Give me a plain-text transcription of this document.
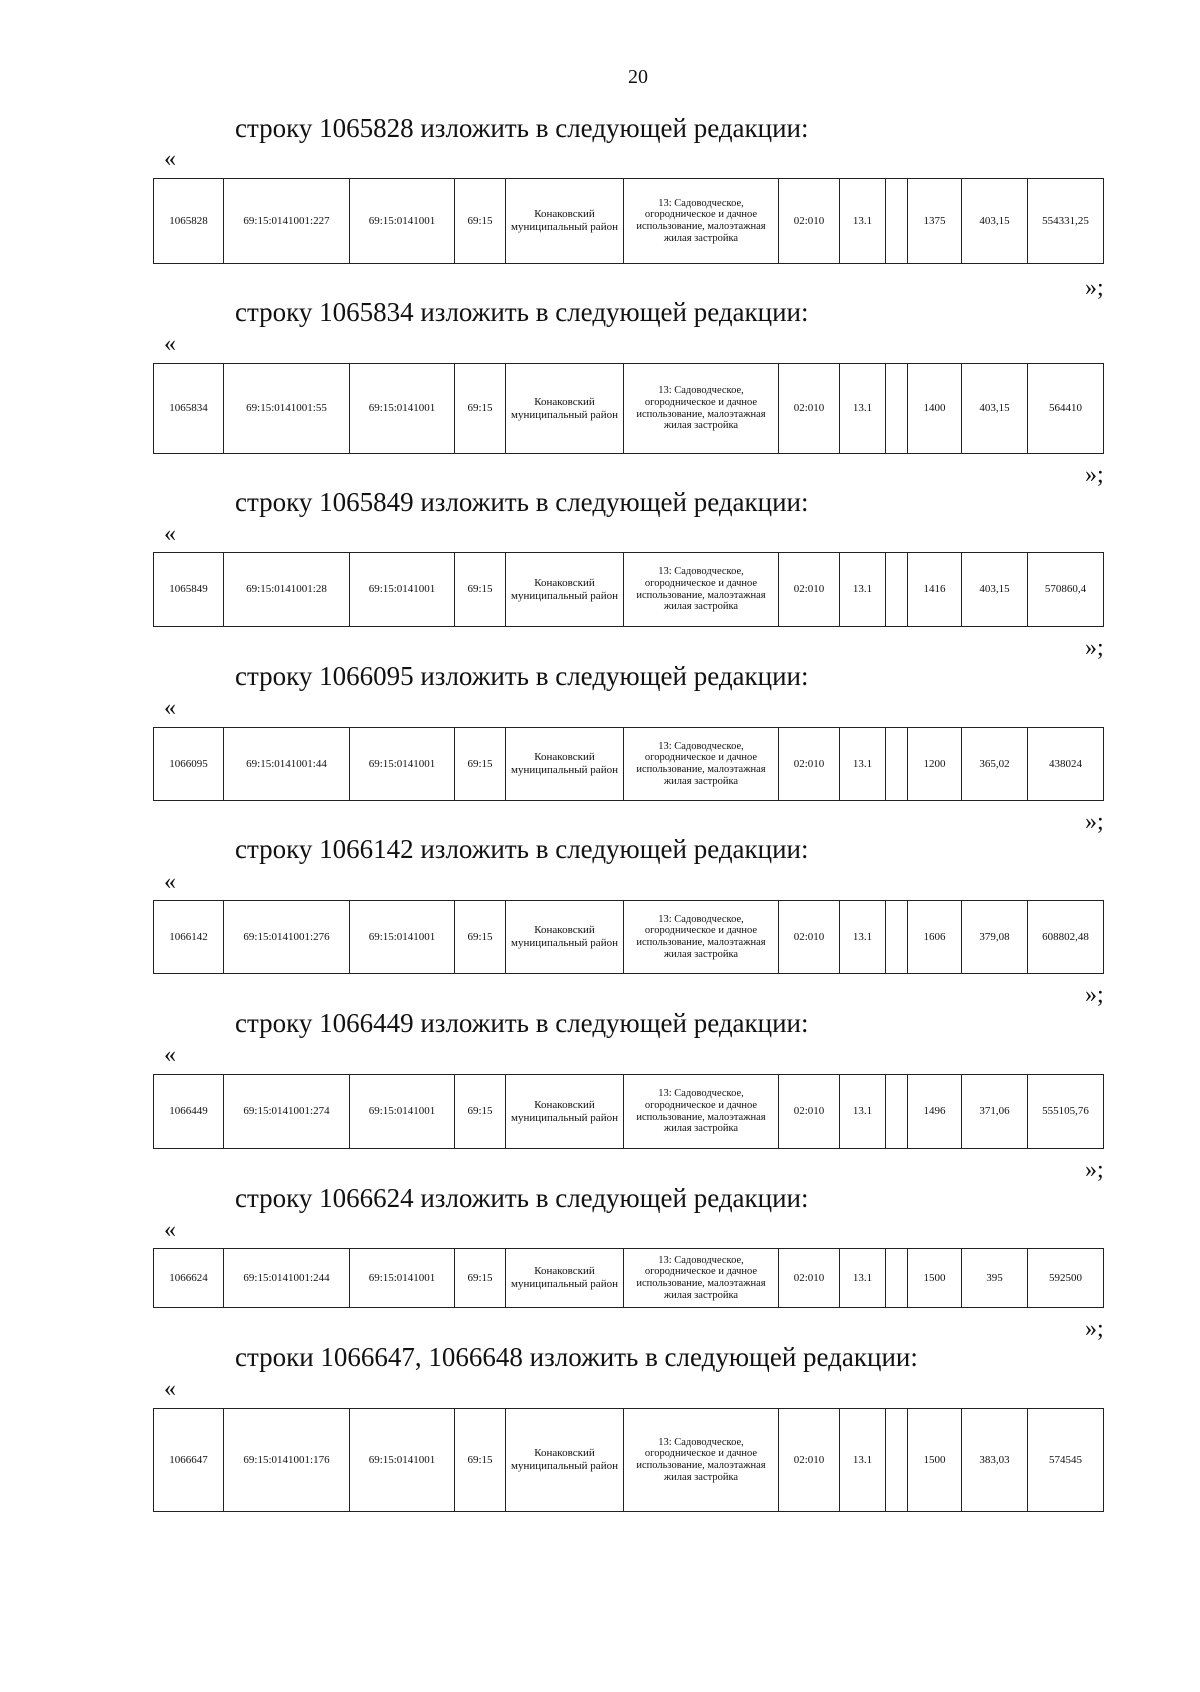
20
строку 1065828 изложить в следующей редакции:
«
1065828	69:15:0141001:227	69:15:0141001	69:15	Конаковский муниципальный район	13: Садоводческое, огородническое и дачное использование, малоэтажная жилая застройка	02:010	13.1		1375	403,15	554331,25
»;
строку 1065834 изложить в следующей редакции:
«
1065834	69:15:0141001:55	69:15:0141001	69:15	Конаковский муниципальный район	13: Садоводческое, огородническое и дачное использование, малоэтажная жилая застройка	02:010	13.1		1400	403,15	564410
»;
строку 1065849 изложить в следующей редакции:
«
1065849	69:15:0141001:28	69:15:0141001	69:15	Конаковский муниципальный район	13: Садоводческое, огородническое и дачное использование, малоэтажная жилая застройка	02:010	13.1		1416	403,15	570860,4
»;
строку 1066095 изложить в следующей редакции:
«
1066095	69:15:0141001:44	69:15:0141001	69:15	Конаковский муниципальный район	13: Садоводческое, огородническое и дачное использование, малоэтажная жилая застройка	02:010	13.1		1200	365,02	438024
»;
строку 1066142 изложить в следующей редакции:
«
1066142	69:15:0141001:276	69:15:0141001	69:15	Конаковский муниципальный район	13: Садоводческое, огородническое и дачное использование, малоэтажная жилая застройка	02:010	13.1		1606	379,08	608802,48
»;
строку 1066449 изложить в следующей редакции:
«
1066449	69:15:0141001:274	69:15:0141001	69:15	Конаковский муниципальный район	13: Садоводческое, огородническое и дачное использование, малоэтажная жилая застройка	02:010	13.1		1496	371,06	555105,76
»;
строку 1066624 изложить в следующей редакции:
«
1066624	69:15:0141001:244	69:15:0141001	69:15	Конаковский муниципальный район	13: Садоводческое, огородническое и дачное использование, малоэтажная жилая застройка	02:010	13.1		1500	395	592500
»;
строки 1066647, 1066648 изложить в следующей редакции:
«
1066647	69:15:0141001:176	69:15:0141001	69:15	Конаковский муниципальный район	13: Садоводческое, огородническое и дачное использование, малоэтажная жилая застройка	02:010	13.1		1500	383,03	574545
